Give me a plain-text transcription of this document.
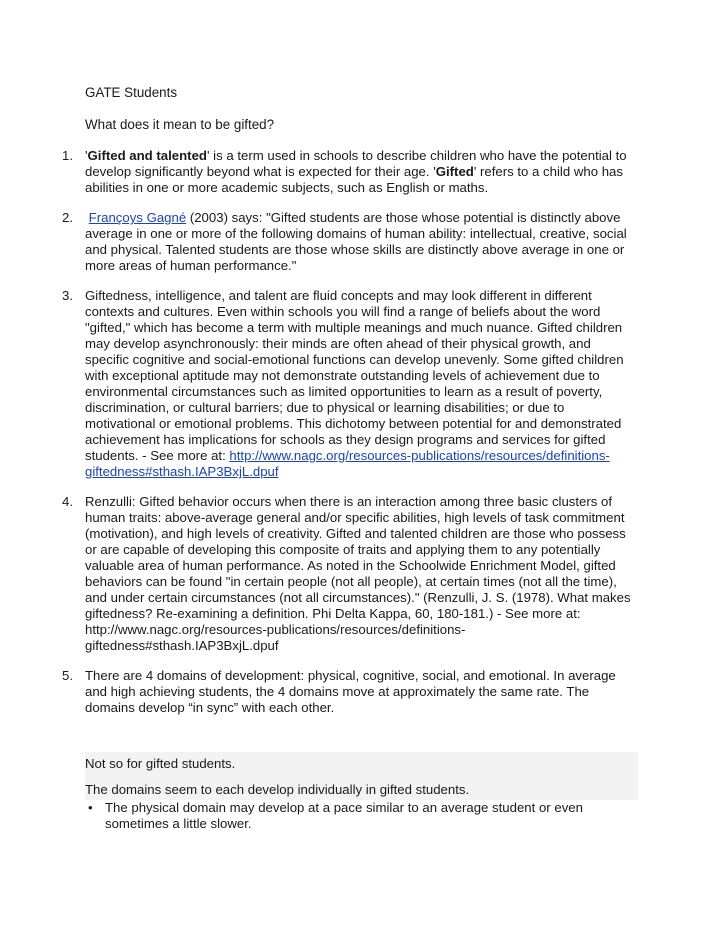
GATE Students

What does it mean to be gifted?

1. 'Gifted and talented' is a term used in schools to describe children who have the potential to develop significantly beyond what is expected for their age. 'Gifted' refers to a child who has abilities in one or more academic subjects, such as English or maths.
2. Françoys Gagné (2003) says: "Gifted students are those whose potential is distinctly above average in one or more of the following domains of human ability: intellectual, creative, social and physical. Talented students are those whose skills are distinctly above average in one or more areas of human performance."
3. Giftedness, intelligence, and talent are fluid concepts and may look different in different contexts and cultures. Even within schools you will find a range of beliefs about the word "gifted," which has become a term with multiple meanings and much nuance. Gifted children may develop asynchronously: their minds are often ahead of their physical growth, and specific cognitive and social-emotional functions can develop unevenly. Some gifted children with exceptional aptitude may not demonstrate outstanding levels of achievement due to environmental circumstances such as limited opportunities to learn as a result of poverty, discrimination, or cultural barriers; due to physical or learning disabilities; or due to motivational or emotional problems. This dichotomy between potential for and demonstrated achievement has implications for schools as they design programs and services for gifted students. - See more at: http://www.nagc.org/resources-publications/resources/definitions-giftedness#sthash.IAP3BxjL.dpuf
4. Renzulli: Gifted behavior occurs when there is an interaction among three basic clusters of human traits: above-average general and/or specific abilities, high levels of task commitment (motivation), and high levels of creativity. Gifted and talented children are those who possess or are capable of developing this composite of traits and applying them to any potentially valuable area of human performance. As noted in the Schoolwide Enrichment Model, gifted behaviors can be found "in certain people (not all people), at certain times (not all the time), and under certain circumstances (not all circumstances)." (Renzulli, J. S. (1978). What makes giftedness? Re-examining a definition. Phi Delta Kappa, 60, 180-181.) - See more at: http://www.nagc.org/resources-publications/resources/definitions-giftedness#sthash.IAP3BxjL.dpuf
5. There are 4 domains of development: physical, cognitive, social, and emotional. In average and high achieving students, the 4 domains move at approximately the same rate. The domains develop “in sync” with each other.

Not so for gifted students.

The domains seem to each develop individually in gifted students.

• The physical domain may develop at a pace similar to an average student or even sometimes a little slower.
